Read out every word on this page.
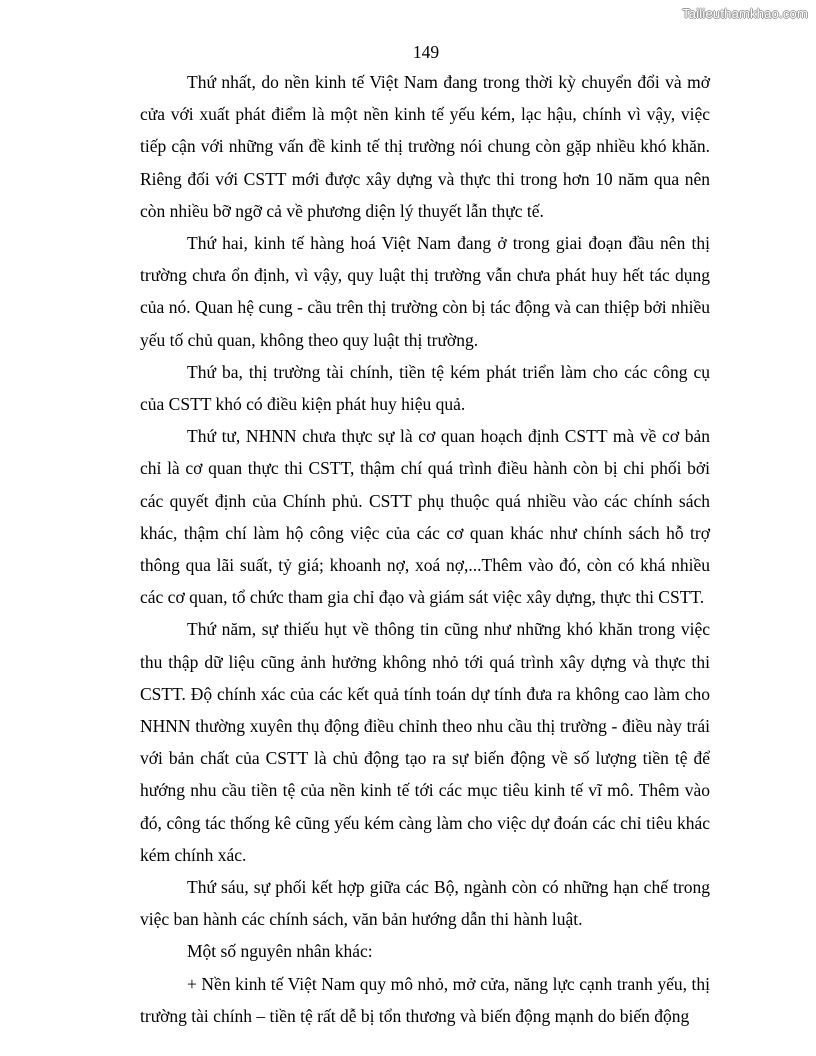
Tailieuthamkhao.com
149

Thứ nhất, do nền kinh tế Việt Nam đang trong thời kỳ chuyển đổi và mở cửa với xuất phát điểm là một nền kinh tế yếu kém, lạc hậu, chính vì vậy, việc tiếp cận với những vấn đề kinh tế thị trường nói chung còn gặp nhiều khó khăn. Riêng đối với CSTT mới được xây dựng và thực thi trong hơn 10 năm qua nên còn nhiều bỡ ngỡ cả về phương diện lý thuyết lẫn thực tế.

Thứ hai, kinh tế hàng hoá Việt Nam đang ở trong giai đoạn đầu nên thị trường chưa ổn định, vì vậy, quy luật thị trường vẫn chưa phát huy hết tác dụng của nó. Quan hệ cung - cầu trên thị trường còn bị tác động và can thiệp bởi nhiều yếu tố chủ quan, không theo quy luật thị trường.

Thứ ba, thị trường tài chính, tiền tệ kém phát triển làm cho các công cụ của CSTT khó có điều kiện phát huy hiệu quả.

Thứ tư, NHNN chưa thực sự là cơ quan hoạch định CSTT mà về cơ bản chỉ là cơ quan thực thi CSTT, thậm chí quá trình điều hành còn bị chi phối bởi các quyết định của Chính phủ. CSTT phụ thuộc quá nhiều vào các chính sách khác, thậm chí làm hộ công việc của các cơ quan khác như chính sách hỗ trợ thông qua lãi suất, tỷ giá; khoanh nợ, xoá nợ,...Thêm vào đó, còn có khá nhiều các cơ quan, tổ chức tham gia chỉ đạo và giám sát việc xây dựng, thực thi CSTT.

Thứ năm, sự thiếu hụt về thông tin cũng như những khó khăn trong việc thu thập dữ liệu cũng ảnh hưởng không nhỏ tới quá trình xây dựng và thực thi CSTT. Độ chính xác của các kết quả tính toán dự tính đưa ra không cao làm cho NHNN thường xuyên thụ động điều chỉnh theo nhu cầu thị trường - điều này trái với bản chất của CSTT là chủ động tạo ra sự biến động về số lượng tiền tệ để hướng nhu cầu tiền tệ của nền kinh tế tới các mục tiêu kinh tế vĩ mô. Thêm vào đó, công tác thống kê cũng yếu kém càng làm cho việc dự đoán các chỉ tiêu khác kém chính xác.

Thứ sáu, sự phối kết hợp giữa các Bộ, ngành còn có những hạn chế trong việc ban hành các chính sách, văn bản hướng dẫn thi hành luật.

Một số nguyên nhân khác:

+ Nền kinh tế Việt Nam quy mô nhỏ, mở cửa, năng lực cạnh tranh yếu, thị trường tài chính – tiền tệ rất dễ bị tổn thương và biến động mạnh do biến động
